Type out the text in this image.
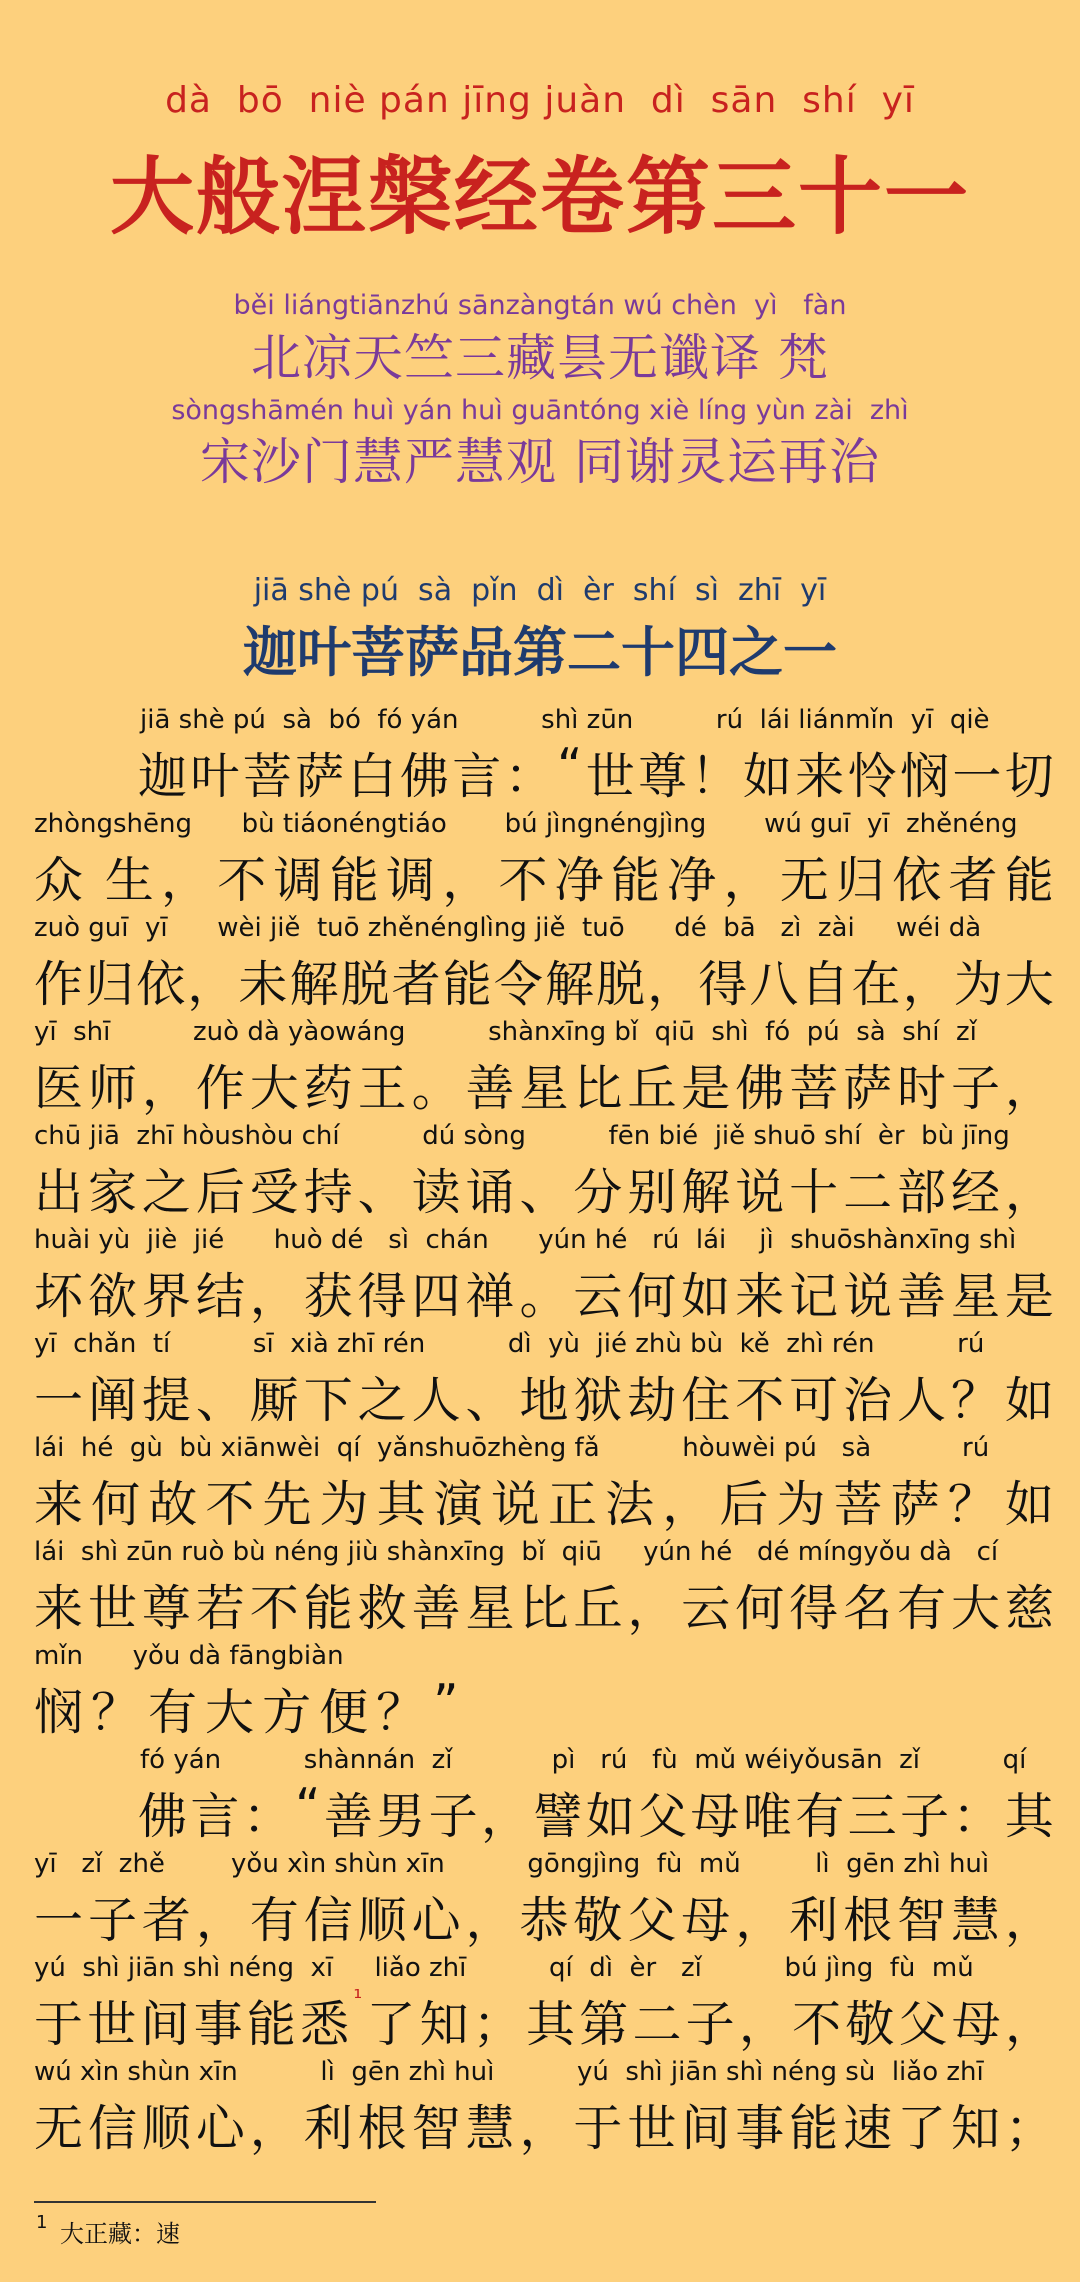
dà  bō  niè pán jīng juàn  dì  sān  shí  yī
大般涅槃经卷第三十一
běi liángtiānzhú sānzàngtán wú chèn  yì   fàn
北凉天竺三藏昙无谶译 梵
sòngshāmén huì yán huì guāntóng xiè líng yùn zài  zhì
宋沙门慧严慧观 同谢灵运再治
jiā shè pú  sà  pǐn  dì  èr  shí  sì  zhī  yī
迦叶菩萨品第二十四之一
jiā shè pú  sà  bó  fó yán          shì zūn          rú  lái liánmǐn  yī  qiè
迦 叶 菩 萨 白 佛 言 ： “ 世 尊 ！ 如 来 怜 悯 一 切
zhòngshēng      bù tiáonéngtiáo       bú jìngnéngjìng       wú guī  yī  zhěnéng
众 生 ， 不 调 能 调 ， 不 净 能 净 ， 无 归 依 者 能
zuò guī  yī      wèi jiě  tuō zhěnénglìng jiě  tuō      dé  bā   zì  zài     wéi dà
作 归 依 ， 未 解 脱 者 能 令 解 脱 ， 得 八 自 在 ， 为 大
yī  shī          zuò dà yàowáng          shànxīng bǐ  qiū  shì  fó  pú  sà  shí  zǐ
医 师 ， 作 大 药 王 。 善 星 比 丘 是 佛 菩 萨 时 子 ，
chū jiā  zhī hòushòu chí          dú sòng          fēn bié  jiě shuō shí  èr  bù jīng
出 家 之 后 受 持 、 读 诵 、 分 别 解 说 十 二 部 经 ，
huài yù  jiè  jié      huò dé   sì  chán      yún hé   rú  lái    jì  shuōshànxīng shì
坏 欲 界 结 ， 获 得 四 禅 。 云 何 如 来 记 说 善 星 是
yī  chǎn  tí          sī  xià zhī rén          dì  yù  jié zhù bù  kě  zhì rén          rú
一 阐 提 、 厮 下 之 人 、 地 狱 劫 住 不 可 治 人 ？ 如
lái  hé  gù  bù xiānwèi  qí  yǎnshuōzhèng fǎ          hòuwèi pú   sà           rú
来 何 故 不 先 为 其 演 说 正 法 ， 后 为 菩 萨 ？ 如
lái  shì zūn ruò bù néng jiù shànxīng  bǐ  qiū     yún hé   dé míngyǒu dà   cí
来 世 尊 若 不 能 救 善 星 比 丘 ， 云 何 得 名 有 大 慈
mǐn      yǒu dà fāngbiàn
悯 ？ 有 大 方 便 ？ ”
fó yán          shànnán  zǐ            pì   rú   fù  mǔ wéiyǒusān  zǐ          qí
佛 言 ： “ 善 男 子 ， 譬 如 父 母 唯 有 三 子 ： 其
yī   zǐ  zhě        yǒu xìn shùn xīn          gōngjìng  fù  mǔ         lì  gēn zhì huì
一 子 者 ， 有 信 顺 心 ， 恭 敬 父 母 ， 利 根 智 慧 ，
yú  shì jiān shì néng  xī     liǎo zhī          qí  dì  èr   zǐ          bú jìng  fù  mǔ
于 世 间 事 能 悉 ¹ 了 知 ； 其 第 二 子 ， 不 敬 父 母 ，
wú xìn shùn xīn          lì  gēn zhì huì          yú  shì jiān shì néng sù  liǎo zhī
无 信 顺 心 ， 利 根 智 慧 ， 于 世 间 事 能 速 了 知 ；
1 大正藏：速
